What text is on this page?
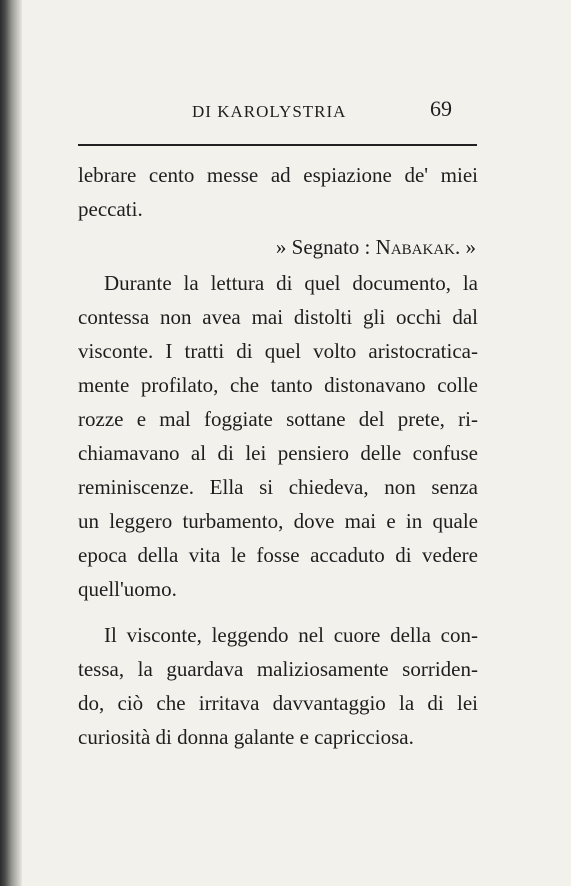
DI KAROLYSTRIA	69
lebrare cento messe ad espiazione de' miei
peccati.
» Segnato : Nabakak. »
Durante la lettura di quel documento, la
contessa non avea mai distolti gli occhi dal
visconte. I tratti di quel volto aristocratica-
mente profilato, che tanto distonavano colle
rozze e mal foggiate sottane del prete, ri-
chiamavano al di lei pensiero delle confuse
reminiscenze. Ella si chiedeva, non senza
un leggero turbamento, dove mai e in quale
epoca della vita le fosse accaduto di vedere
quell'uomo.
Il visconte, leggendo nel cuore della con-
tessa, la guardava maliziosamente sorriden-
do, ciò che irritava davvantaggio la di lei
curiosità di donna galante e capricciosa.
